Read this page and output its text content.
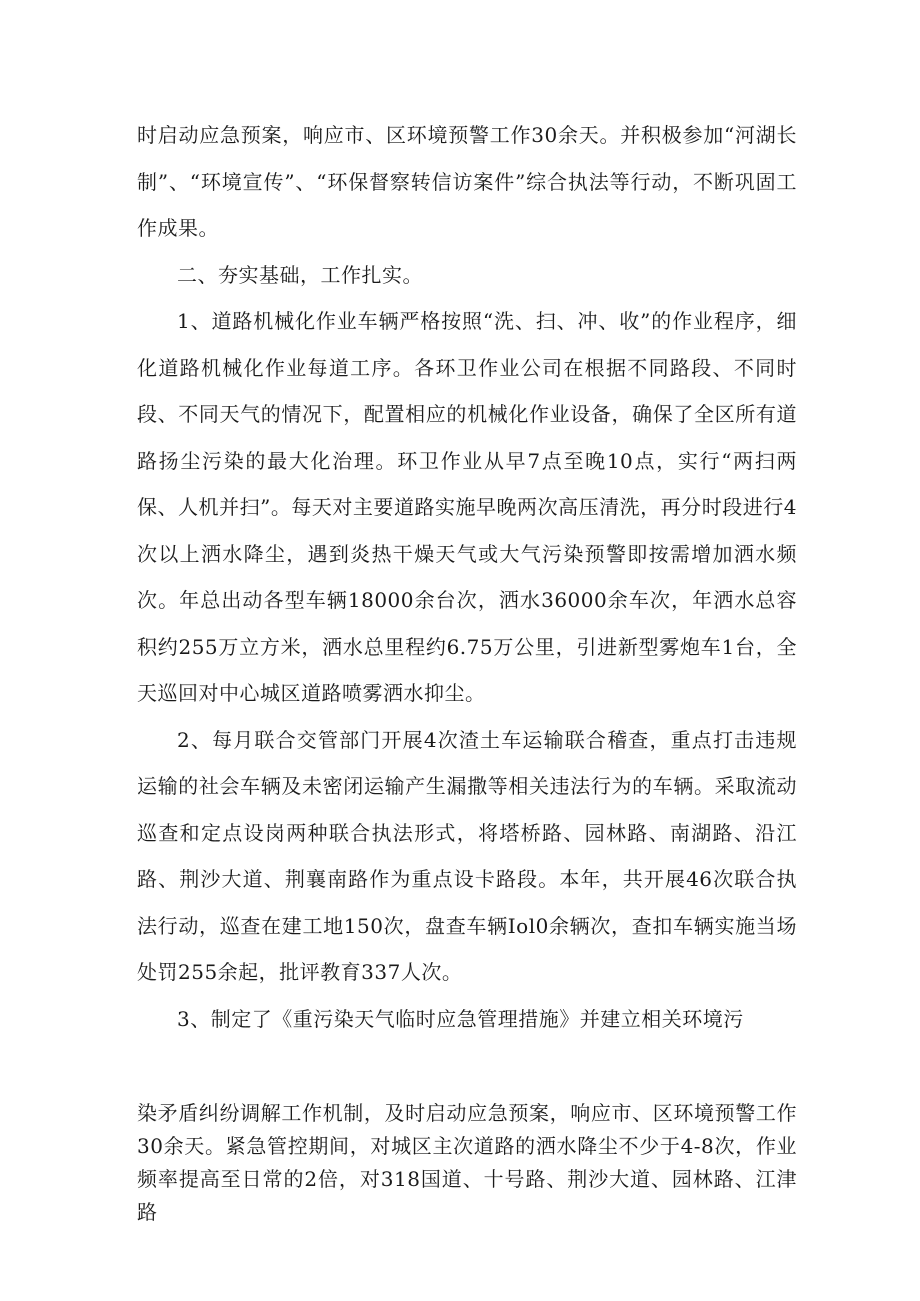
时启动应急预案，响应市、区环境预警工作30余天。并积极参加“河湖长制”、“环境宣传”、“环保督察转信访案件”综合执法等行动，不断巩固工作成果。

二、夯实基础，工作扎实。

1、道路机械化作业车辆严格按照“洗、扫、冲、收”的作业程序，细化道路机械化作业每道工序。各环卫作业公司在根据不同路段、不同时段、不同天气的情况下，配置相应的机械化作业设备，确保了全区所有道路扬尘污染的最大化治理。环卫作业从早7点至晚10点，实行“两扫两保、人机并扫”。每天对主要道路实施早晚两次高压清洗，再分时段进行4次以上洒水降尘，遇到炎热干燥天气或大气污染预警即按需增加洒水频次。年总出动各型车辆18000余台次，洒水36000余车次，年洒水总容积约255万立方米，洒水总里程约6.75万公里，引进新型雾炮车1台，全天巡回对中心城区道路喷雾洒水抑尘。

2、每月联合交管部门开展4次渣土车运输联合稽查，重点打击违规运输的社会车辆及未密闭运输产生漏撒等相关违法行为的车辆。采取流动巡查和定点设岗两种联合执法形式，将塔桥路、园林路、南湖路、沿江路、荆沙大道、荆襄南路作为重点设卡路段。本年，共开展46次联合执法行动，巡查在建工地150次，盘查车辆Iol0余辆次，查扣车辆实施当场处罚255余起，批评教育337人次。

3、制定了《重污染天气临时应急管理措施》并建立相关环境污

染矛盾纠纷调解工作机制，及时启动应急预案，响应市、区环境预警工作30余天。紧急管控期间，对城区主次道路的洒水降尘不少于4-8次，作业频率提高至日常的2倍，对318国道、十号路、荆沙大道、园林路、江津路
